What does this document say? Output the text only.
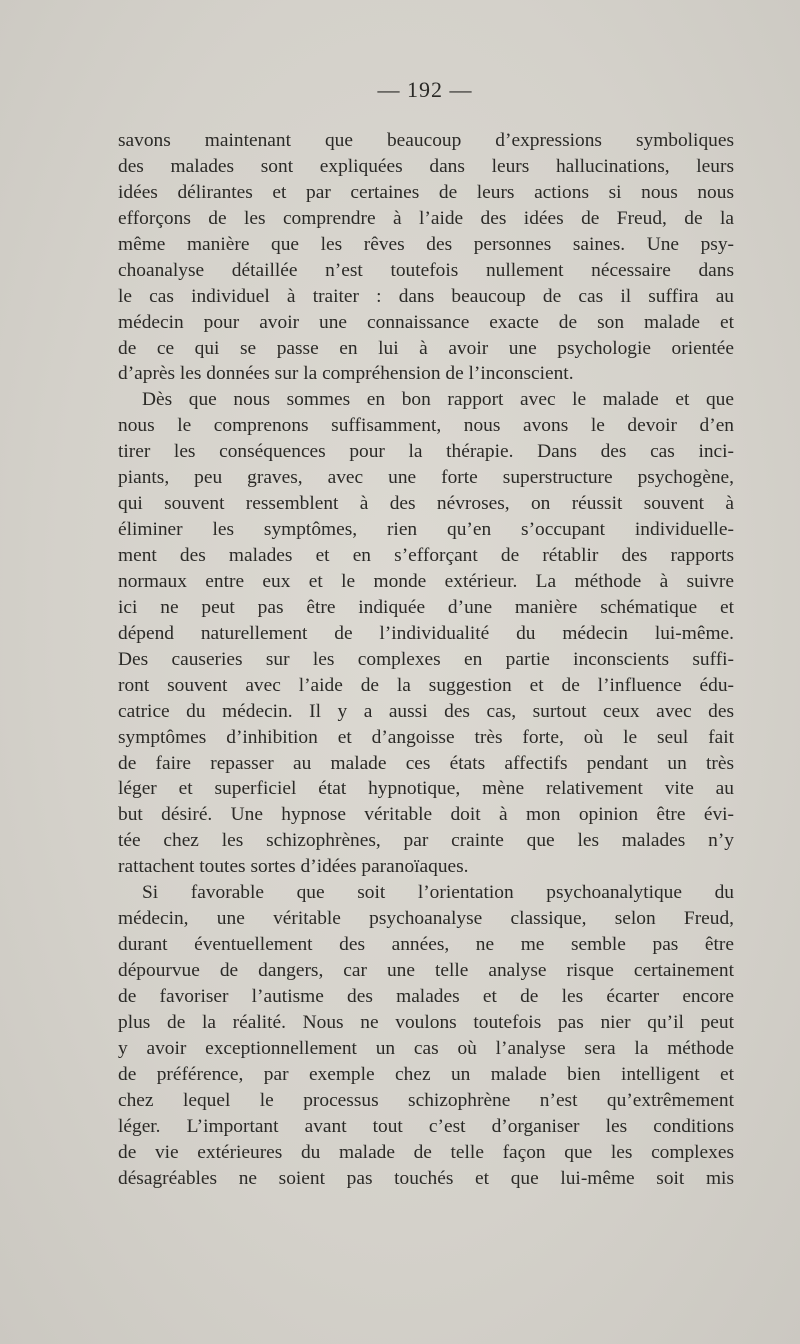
— 192 —
savons maintenant que beaucoup d’expressions symboliques
des malades sont expliquées dans leurs hallucinations, leurs
idées délirantes et par certaines de leurs actions si nous nous
efforçons de les comprendre à l’aide des idées de Freud, de la
même manière que les rêves des personnes saines. Une psy-
choanalyse détaillée n’est toutefois nullement nécessaire dans
le cas individuel à traiter : dans beaucoup de cas il suffira au
médecin pour avoir une connaissance exacte de son malade et
de ce qui se passe en lui à avoir une psychologie orientée
d’après les données sur la compréhension de l’inconscient.
Dès que nous sommes en bon rapport avec le malade et que
nous le comprenons suffisamment, nous avons le devoir d’en
tirer les conséquences pour la thérapie. Dans des cas inci-
piants, peu graves, avec une forte superstructure psychogène,
qui souvent ressemblent à des névroses, on réussit souvent à
éliminer les symptômes, rien qu’en s’occupant individuelle-
ment des malades et en s’efforçant de rétablir des rapports
normaux entre eux et le monde extérieur. La méthode à suivre
ici ne peut pas être indiquée d’une manière schématique et
dépend naturellement de l’individualité du médecin lui-même.
Des causeries sur les complexes en partie inconscients suffi-
ront souvent avec l’aide de la suggestion et de l’influence édu-
catrice du médecin. Il y a aussi des cas, surtout ceux avec des
symptômes d’inhibition et d’angoisse très forte, où le seul fait
de faire repasser au malade ces états affectifs pendant un très
léger et superficiel état hypnotique, mène relativement vite au
but désiré. Une hypnose véritable doit à mon opinion être évi-
tée chez les schizophrènes, par crainte que les malades n’y
rattachent toutes sortes d’idées paranoïaques.
Si favorable que soit l’orientation psychoanalytique du
médecin, une véritable psychoanalyse classique, selon Freud,
durant éventuellement des années, ne me semble pas être
dépourvue de dangers, car une telle analyse risque certainement
de favoriser l’autisme des malades et de les écarter encore
plus de la réalité. Nous ne voulons toutefois pas nier qu’il peut
y avoir exceptionnellement un cas où l’analyse sera la méthode
de préférence, par exemple chez un malade bien intelligent et
chez lequel le processus schizophrène n’est qu’extrêmement
léger. L’important avant tout c’est d’organiser les conditions
de vie extérieures du malade de telle façon que les complexes
désagréables ne soient pas touchés et que lui-même soit mis
